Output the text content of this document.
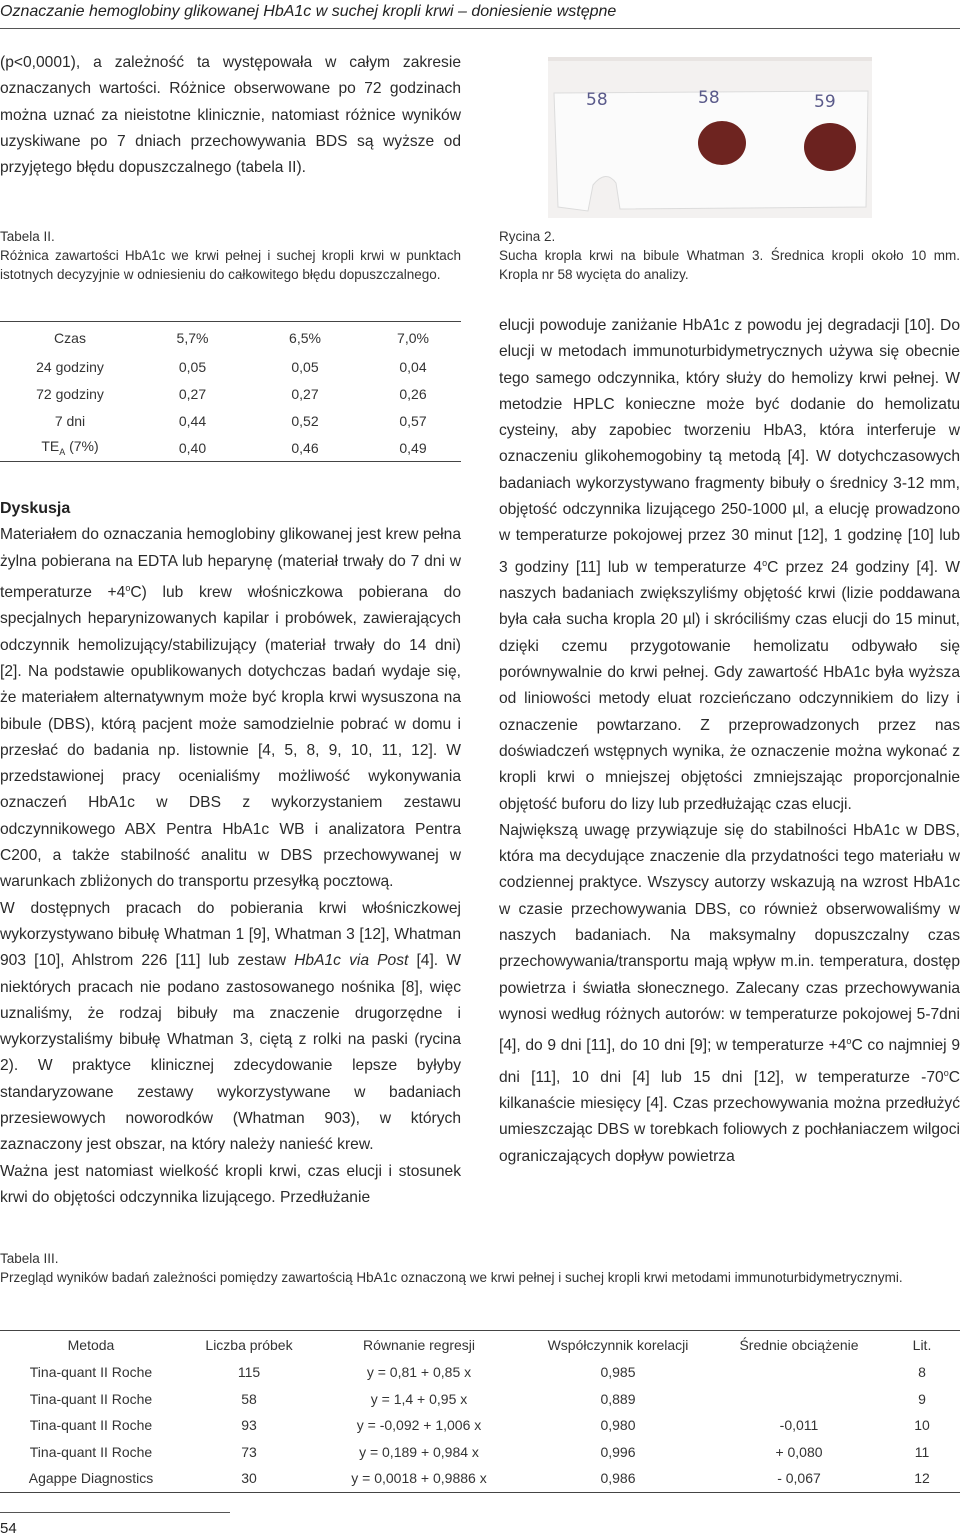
Oznaczanie hemoglobiny glikowanej HbA1c w suchej kropli krwi – doniesienie wstępne

(p<0,0001), a zależność ta występowała w całym zakresie oznaczanych wartości. Różnice obserwowane po 72 godzinach można uznać za nieistotne klinicznie, natomiast różnice wyników uzyskiwane po 7 dniach przechowywania BDS są wyższe od przyjętego błędu dopuszczalnego (tabela II).

58	58	59
Rycina 2.
Sucha kropla krwi na bibule Whatman 3. Średnica kropli około 10 mm. Kropla nr 58 wycięta do analizy.
Tabela II.
Różnica zawartości HbA1c we krwi pełnej i suchej kropli krwi w punktach istotnych decyzyjnie w odniesieniu do całkowitego błędu dopuszczalnego.
Czas	5,7%	6,5%	7,0%
24 godziny	0,05	0,05	0,04
72 godziny	0,27	0,27	0,26
7 dni	0,44	0,52	0,57
$TE_A$ (7%)	0,40	0,46	0,49
Dyskusja

Materiałem do oznaczania hemoglobiny glikowanej jest krew pełna żylna pobierana na EDTA lub heparynę (materiał trwały do 7 dni w temperaturze $+4^oC$) lub krew włośniczkowa pobierana do specjalnych heparynizowanych kapilar i probówek, zawierających odczynnik hemolizujący/stabilizujący (materiał trwały do 14 dni) [2]. Na podstawie opublikowanych dotychczas badań wydaje się, że materiałem alternatywnym może być kropla krwi wysuszona na bibule (DBS), którą pacjent może samodzielnie pobrać w domu i przesłać do badania np. listownie [4, 5, 8, 9, 10, 11, 12]. W przedstawionej pracy ocenialiśmy możliwość wykonywania oznaczeń HbA1c w DBS z wykorzystaniem zestawu odczynnikowego ABX Pentra HbA1c WB i analizatora Pentra C200, a także stabilność analitu w DBS przechowywanej w warunkach zbliżonych do transportu przesyłką pocztową.

W dostępnych pracach do pobierania krwi włośniczkowej wykorzystywano bibułę Whatman 1 [9], Whatman 3 [12], Whatman 903 [10], Ahlstrom 226 [11] lub zestaw HbA1c via Post [4]. W niektórych pracach nie podano zastosowanego nośnika [8], więc uznaliśmy, że rodzaj bibuły ma znaczenie drugorzędne i wykorzystaliśmy bibułę Whatman 3, ciętą z rolki na paski (rycina 2). W praktyce klinicznej zdecydowanie lepsze byłyby standaryzowane zestawy wykorzystywane w badaniach przesiewowych noworodków (Whatman 903), w których zaznaczony jest obszar, na który należy nanieść krew.

Ważna jest natomiast wielkość kropli krwi, czas elucji i stosunek krwi do objętości odczynnika lizującego. Przedłużanie

elucji powoduje zaniżanie HbA1c z powodu jej degradacji [10]. Do elucji w metodach immunoturbidymetrycznych używa się obecnie tego samego odczynnika, który służy do hemolizy krwi pełnej. W metodzie HPLC konieczne może być dodanie do hemolizatu cysteiny, aby zapobiec tworzeniu HbA3, która interferuje w oznaczeniu glikohemogobiny tą metodą [4]. W dotychczasowych badaniach wykorzystywano fragmenty bibuły o średnicy 3-12 mm, objętość odczynnika lizującego 250-1000 µl, a elucję prowadzono w temperaturze pokojowej przez 30 minut [12], 1 godzinę [10] lub 3 godziny [11] lub w temperaturze 4$^o$C przez 24 godziny [4]. W naszych badaniach zwiększyliśmy objętość krwi (lizie poddawana była cała sucha kropla 20 µl) i skróciliśmy czas elucji do 15 minut, dzięki czemu przygotowanie hemolizatu odbywało się porównywalnie do krwi pełnej. Gdy zawartość HbA1c była wyższa od liniowości metody eluat rozcieńczano odczynnikiem do lizy i oznaczenie powtarzano. Z przeprowadzonych przez nas doświadczeń wstępnych wynika, że oznaczenie można wykonać z kropli krwi o mniejszej objętości zmniejszając proporcjonalnie objętość buforu do lizy lub przedłużając czas elucji.

Największą uwagę przywiązuje się do stabilności HbA1c w DBS, która ma decydujące znaczenie dla przydatności tego materiału w codziennej praktyce. Wszyscy autorzy wskazują na wzrost HbA1c w czasie przechowywania DBS, co również obserwowaliśmy w naszych badaniach. Na maksymalny dopuszczalny czas przechowywania/transportu mają wpływ m.in. temperatura, dostęp powietrza i światła słonecznego. Zalecany czas przechowywania wynosi według różnych autorów: w temperaturze pokojowej 5-7dni [4], do 9 dni [11], do 10 dni [9]; w temperaturze $+4^oC$ co najmniej 9 dni [11], 10 dni [4] lub 15 dni [12], w temperaturze -70$^o$C kilkanaście miesięcy [4]. Czas przechowywania można przedłużyć umieszczając DBS w torebkach foliowych z pochłaniaczem wilgoci ograniczających dopływ powietrza

Tabela III.
Przegląd wyników badań zależności pomiędzy zawartością HbA1c oznaczoną we krwi pełnej i suchej kropli krwi metodami immunoturbidymetrycznymi.
Metoda	Liczba próbek	Równanie regresji	Współczynnik korelacji	Średnie obciążenie	Lit.
Tina-quant II Roche	115	y = 0,81 + 0,85 x	0,985		8
Tina-quant II Roche	58	y = 1,4 + 0,95 x	0,889		9
Tina-quant II Roche	93	y = -0,092 + 1,006 x	0,980	-0,011	10
Tina-quant II Roche	73	y = 0,189 + 0,984 x	0,996	+ 0,080	11
Agappe Diagnostics	30	y = 0,0018 + 0,9886 x	0,986	- 0,067	12
54
